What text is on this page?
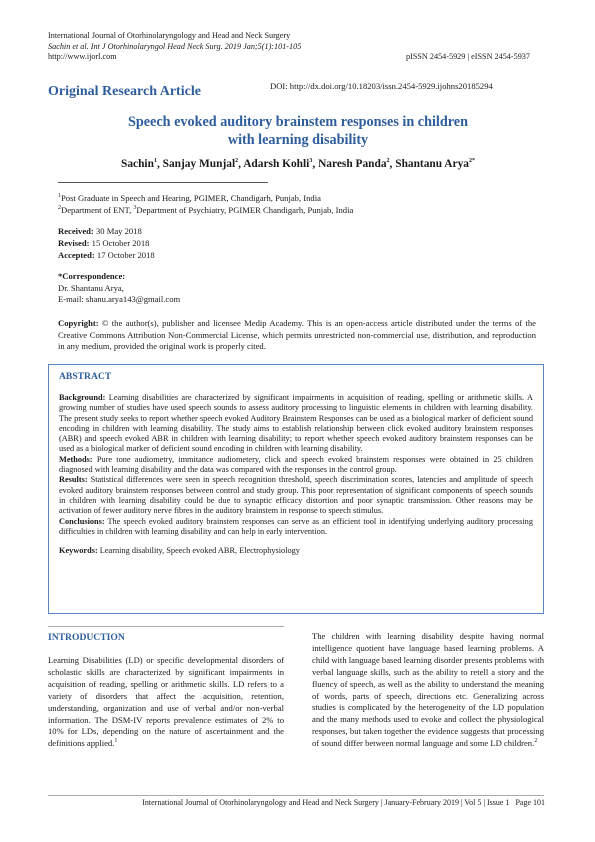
International Journal of Otorhinolaryngology and Head and Neck Surgery
Sachin et al. Int J Otorhinolaryngol Head Neck Surg. 2019 Jan;5(1):101-105
http://www.ijorl.com	pISSN 2454-5929 | eISSN 2454-5937
Original Research Article	DOI: http://dx.doi.org/10.18203/issn.2454-5929.ijohns20185294
Speech evoked auditory brainstem responses in children
with learning disability
Sachin$^1$, Sanjay Munjal$^2$, Adarsh Kohli$^3$, Naresh Panda$^2$, Shantanu Arya$^{2*}$
$^1$Post Graduate in Speech and Hearing, PGIMER, Chandigarh, Punjab, India
$^2$Department of ENT, $^3$Department of Psychiatry, PGIMER Chandigarh, Punjab, India
Received: 30 May 2018
Revised: 15 October 2018
Accepted: 17 October 2018
*Correspondence:
Dr. Shantanu Arya,
E-mail: shanu.arya143@gmail.com
Copyright: © the author(s), publisher and licensee Medip Academy. This is an open-access article distributed under the terms of the Creative Commons Attribution Non-Commercial License, which permits unrestricted non-commercial use, distribution, and reproduction in any medium, provided the original work is properly cited.
ABSTRACT
Background: Learning disabilities are characterized by significant impairments in acquisition of reading, spelling or arithmetic skills. A growing number of studies have used speech sounds to assess auditory processing to linguistic elements in children with learning disability. The present study seeks to report whether speech evoked Auditory Brainstem Responses can be used as a biological marker of deficient sound encoding in children with learning disability. The study aims to establish relationship between click evoked auditory brainstem responses (ABR) and speech evoked ABR in children with learning disability; to report whether speech evoked auditory brainstem responses can be used as a biological marker of deficient sound encoding in children with learning disability.
Methods: Pure tone audiometry, immitance audiometery, click and speech evoked brainstem responses were obtained in 25 children diagnosed with learning disability and the data was compared with the responses in the control group.
Results: Statistical differences were seen in speech recognition threshold, speech discrimination scores, latencies and amplitude of speech evoked auditory brainstem responses between control and study group. This poor representation of significant components of speech sounds in children with learning disability could be due to synaptic efficacy distortion and poor synaptic transmission. Other reasons may be activation of fewer auditory nerve fibres in the auditory brainstem in response to speech stimulus.
Conclusions: The speech evoked auditory brainstem responses can serve as an efficient tool in identifying underlying auditory processing difficulties in children with learning disability and can help in early intervention.
Keywords: Learning disability, Speech evoked ABR, Electrophysiology
INTRODUCTION
Learning Disabilities (LD) or specific developmental disorders of scholastic skills are characterized by significant impairments in acquisition of reading, spelling or arithmetic skills. LD refers to a variety of disorders that affect the acquisition, retention, understanding, organization and use of verbal and/or non-verbal information. The DSM-IV reports prevalence estimates of 2% to 10% for LDs, depending on the nature of ascertainment and the definitions applied.$^1$
The children with learning disability despite having normal intelligence quotient have language based learning problems. A child with language based learning disorder presents problems with verbal language skills, such as the ability to retell a story and the fluency of speech, as well as the ability to understand the meaning of words, parts of speech, directions etc. Generalizing across studies is complicated by the heterogeneity of the LD population and the many methods used to evoke and collect the physiological responses, but taken together the evidence suggests that processing of sound differ between normal language and some LD children.$^2$
International Journal of Otorhinolaryngology and Head and Neck Surgery | January-February 2019 | Vol 5 | Issue 1 Page 101
